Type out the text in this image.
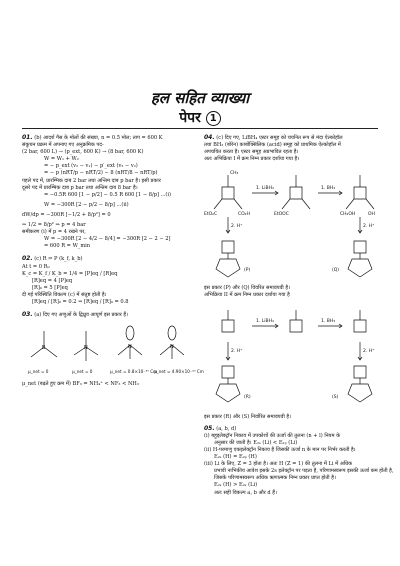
हल सहित व्याख्या
पेपर 1
01. (b) आदर्श गैस के मोलों की संख्या, n = 0.5 मोल; ताप = 600 K
संकुचन प्रक्रम में अपनाए गए अनुक्रमिक पद-
(2 bar, 600 L) → (p_ext, 600 K) → (8 bar, 600 K)
W = W₁ + W₂
= − p_ext (v₂ − v₁) − p′_ext (v₃ − v₂)
= − p (nRT/p − nRT/2) − 8 (nRT/8 − nRT/p)
पहले पद में, प्रारम्भिक दाब 2 bar तथा अन्तिम दाब p bar है। इसी प्रकार
दूसरे पद में प्रारम्भिक दाब p bar तथा अन्तिम दाब 8 bar है।
= −0.5R 600 [1 − p/2] − 0.5 R 600 [1 − 8/p] ...(i)
W = −300R [2 − p/2 − 8/p] ...(ii)
dW/dp = −300R [−1/2 + 8/p²] = 0
⇒ 1/2 = 8/p² ⇒ p = 4 bar
समीकरण (i) में p = 4 रखने पर,
W = −300R [2 − 4/2 − 8/4] = −300R [2 − 2 − 2]
= 600 R = W_min
02. (c) R ⇌ P (k_f, k_b)
At t = 0 R₀
K_c = K_f / K_b = 1/4 = [P]eq / [R]eq
[R]eq = 4 [P]eq
[R]₀ = 5 [P]eq
दी गई परिस्थिति विकल्प (c) में संतुष्ट होती है।
[R]eq / [R]₀ = 0.2 ⇒ [R]eq / [R]₀ = 0.8
03. (a) दिए गए अणुओं के द्विध्रुव आघूर्ण इस प्रकार हैं।
B	N	N	N
μ_net = 0	μ_net = 0	μ_net = 0.8×10⁻³⁰ Cm
μ_net = 4.90×10⁻³⁰ Cm
μ_net (बढ़ते हुए क्रम में) BF₃ = NH₄⁺ < NF₃ < NH₃
04. (c) दिए गए, LiBH₄ एस्टर समूह को चयनित रूप से मंदा ऐल्कोहॉल
तथा BH₃ (बोरेन) कार्बोक्सिलिक (acid) समूह को प्राथमिक ऐल्कोहॉल में
अपचयित करता है। एस्टर समूह अप्रभावित रहता है।
अतः अभिक्रिया I में क्रम निम्न प्रकार दर्शाया गया है।
1. LiBH₄	1. BH₃
2. H⁺	2. H⁺
CH₃
EtO₂C	CO₂H	EtOOC	CH₂OH	OH
(P)	(Q)
इस प्रकार (P) और (Q) विवरित समावयवी है।
अभिक्रिया II में क्रम निम्न प्रकार दर्शाया गया है
1. LiBH₄	1. BH₃
2. H⁺	2. H⁺
(R)	(S)
इस प्रकार (R) और (S) निर्वारित समावयवी है।
05. (a, b, d)
(i) बहुइलेक्ट्रॉन निकाय में उपकोशों की ऊर्जा की तुलना (n + l) नियम के
अनुसार की जाती है। E₂ₛ (Li) < E₂ₚ (Li)
(ii) H-परमाणु एकइलेक्ट्रॉन निकाय है जिसकी ऊर्जा n के मान पर निर्भर करती है।
E₂ₛ (H) = E₂ₚ (H)
(iii) Li के लिए, Z = 3 होता है। अतः H (Z = 1) की तुलना में Li में अधिक
प्रभावी नाभिकीय आवेश इसके 2s इलेक्ट्रॉन पर पड़ता है, परिणामस्वरूप इसकी ऊर्जा कम होती है,
जिसके परिणामस्वरूप अधिक ऋणात्मक निम्न प्रकार प्राप्त होती है।
E₂ₛ (H) > E₂ₛ (Li)
अतः सही विकल्प a, b और d हैं।
